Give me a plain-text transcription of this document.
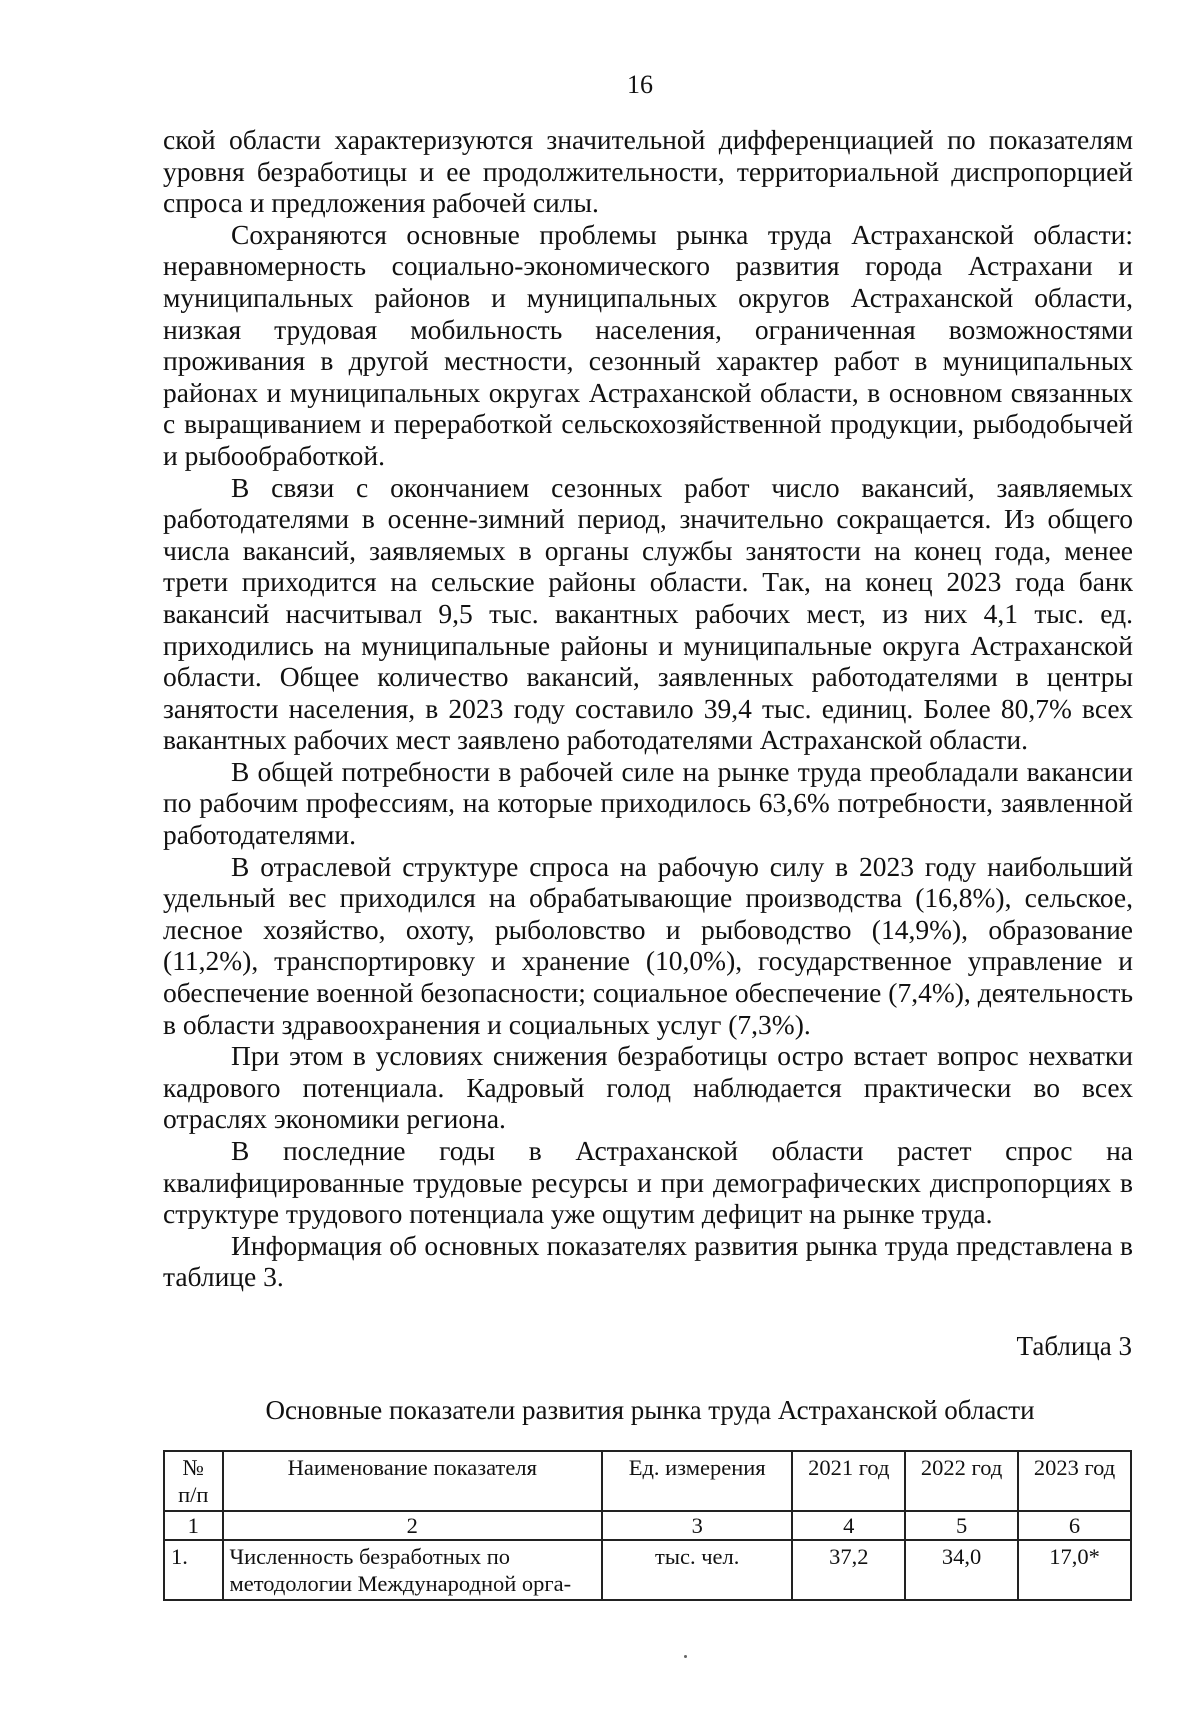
16

ской области характеризуются значительной дифференциацией по показателям уровня безработицы и ее продолжительности, территориальной диспропорцией спроса и предложения рабочей силы.

Сохраняются основные проблемы рынка труда Астраханской области: неравномерность социально-экономического развития города Астрахани и муниципальных районов и муниципальных округов Астраханской области, низкая трудовая мобильность населения, ограниченная возможностями проживания в другой местности, сезонный характер работ в муниципальных районах и муниципальных округах Астраханской области, в основном связанных с выращиванием и переработкой сельскохозяйственной продукции, рыбодобычей и рыбообработкой.

В связи с окончанием сезонных работ число вакансий, заявляемых работодателями в осенне-зимний период, значительно сокращается. Из общего числа вакансий, заявляемых в органы службы занятости на конец года, менее трети приходится на сельские районы области. Так, на конец 2023 года банк вакансий насчитывал 9,5 тыс. вакантных рабочих мест, из них 4,1 тыс. ед. приходились на муниципальные районы и муниципальные округа Астраханской области. Общее количество вакансий, заявленных работодателями в центры занятости населения, в 2023 году составило 39,4 тыс. единиц. Более 80,7% всех вакантных рабочих мест заявлено работодателями Астраханской области.

В общей потребности в рабочей силе на рынке труда преобладали вакансии по рабочим профессиям, на которые приходилось 63,6% потребности, заявленной работодателями.

В отраслевой структуре спроса на рабочую силу в 2023 году наибольший удельный вес приходился на обрабатывающие производства (16,8%), сельское, лесное хозяйство, охоту, рыболовство и рыбоводство (14,9%), образование (11,2%), транспортировку и хранение (10,0%), государственное управление и обеспечение военной безопасности; социальное обеспечение (7,4%), деятельность в области здравоохранения и социальных услуг (7,3%).

При этом в условиях снижения безработицы остро встает вопрос нехватки кадрового потенциала. Кадровый голод наблюдается практически во всех отраслях экономики региона.

В последние годы в Астраханской области растет спрос на квалифицированные трудовые ресурсы и при демографических диспропорциях в структуре трудового потенциала уже ощутим дефицит на рынке труда.

Информация об основных показателях развития рынка труда представлена в таблице 3.

Таблица 3
Основные показатели развития рынка труда Астраханской области
№ п/п	Наименование показателя	Ед. измерения	2021 год	2022 год	2023 год
1	2	3	4	5	6
1.	Численность безработных по методологии Международной орга-	тыс. чел.	37,2	34,0	17,0*
